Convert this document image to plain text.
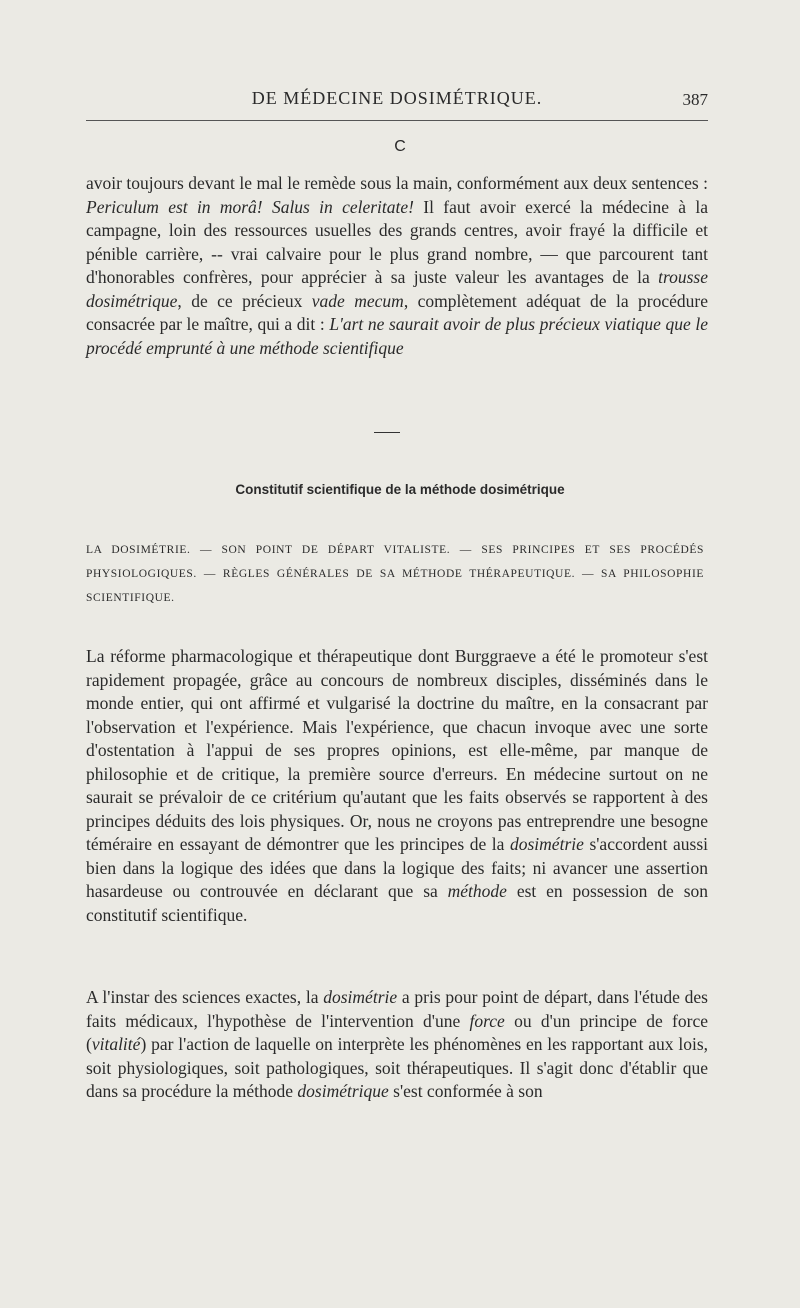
DE MÉDECINE DOSIMÉTRIQUE.	387
C

avoir toujours devant le mal le remède sous la main, conformément aux deux sentences : Periculum est in morâ! Salus in celeritate! Il faut avoir exercé la médecine à la campagne, loin des ressources usuelles des grands centres, avoir frayé la difficile et pénible carrière, -- vrai calvaire pour le plus grand nombre, — que parcourent tant d'honorables confrères, pour apprécier à sa juste valeur les avantages de la trousse dosimétrique, de ce précieux vade mecum, complètement adéquat de la procédure consacrée par le maître, qui a dit : L'art ne saurait avoir de plus précieux viatique que le procédé emprunté à une méthode scientifique

Constitutif scientifique de la méthode dosimétrique

LA DOSIMÉTRIE. — SON POINT DE DÉPART VITALISTE. — SES PRINCIPES ET SES PROCÉDÉS PHYSIOLOGIQUES. — RÈGLES GÉNÉRALES DE SA MÉTHODE THÉRAPEUTIQUE. — SA PHILOSOPHIE SCIENTIFIQUE.

La réforme pharmacologique et thérapeutique dont Burggraeve a été le promoteur s'est rapidement propagée, grâce au concours de nombreux disciples, disséminés dans le monde entier, qui ont affirmé et vulgarisé la doctrine du maître, en la consacrant par l'observation et l'expérience. Mais l'expérience, que chacun invoque avec une sorte d'ostentation à l'appui de ses propres opinions, est elle-même, par manque de philosophie et de critique, la première source d'erreurs. En médecine surtout on ne saurait se prévaloir de ce critérium qu'autant que les faits observés se rapportent à des principes déduits des lois physiques. Or, nous ne croyons pas entreprendre une besogne téméraire en essayant de démontrer que les principes de la dosimétrie s'accordent aussi bien dans la logique des idées que dans la logique des faits; ni avancer une assertion hasardeuse ou controuvée en déclarant que sa méthode est en possession de son constitutif scientifique.

A l'instar des sciences exactes, la dosimétrie a pris pour point de départ, dans l'étude des faits médicaux, l'hypothèse de l'intervention d'une force ou d'un principe de force (vitalité) par l'action de laquelle on interprète les phénomènes en les rapportant aux lois, soit physiologiques, soit pathologiques, soit thérapeutiques. Il s'agit donc d'établir que dans sa procédure la méthode dosimétrique s'est conformée à son
